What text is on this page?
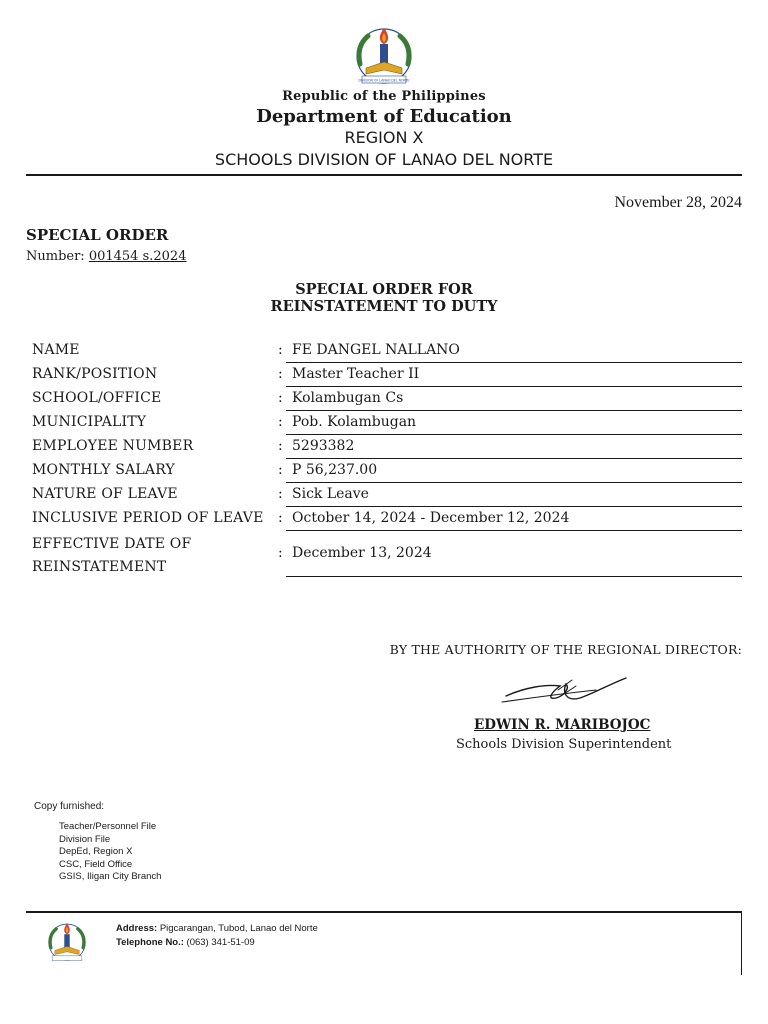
DIVISION OF LANAO DEL NORTE
Republic of the Philippines
Department of Education
REGION X
SCHOOLS DIVISION OF LANAO DEL NORTE
November 28, 2024
SPECIAL ORDER
Number: 001454 s.2024
SPECIAL ORDER FOR
REINSTATEMENT TO DUTY
NAME	: FE DANGEL NALLANO
RANK/POSITION	: Master Teacher II
SCHOOL/OFFICE	: Kolambugan Cs
MUNICIPALITY	: Pob. Kolambugan
EMPLOYEE NUMBER	: 5293382
MONTHLY SALARY	: P 56,237.00
NATURE OF LEAVE	: Sick Leave
INCLUSIVE PERIOD OF LEAVE : October 14, 2024 - December 12, 2024
EFFECTIVE DATE OF
REINSTATEMENT
: December 13, 2024
BY THE AUTHORITY OF THE REGIONAL DIRECTOR:
EDWIN R. MARIBOJOC
Schools Division Superintendent
Copy furnished:
Teacher/Personnel File
Division File
DepEd, Region X
CSC, Field Office
GSIS, Iligan City Branch
Address: Pigcarangan, Tubod, Lanao del Norte
Telephone No.: (063) 341-51-09
